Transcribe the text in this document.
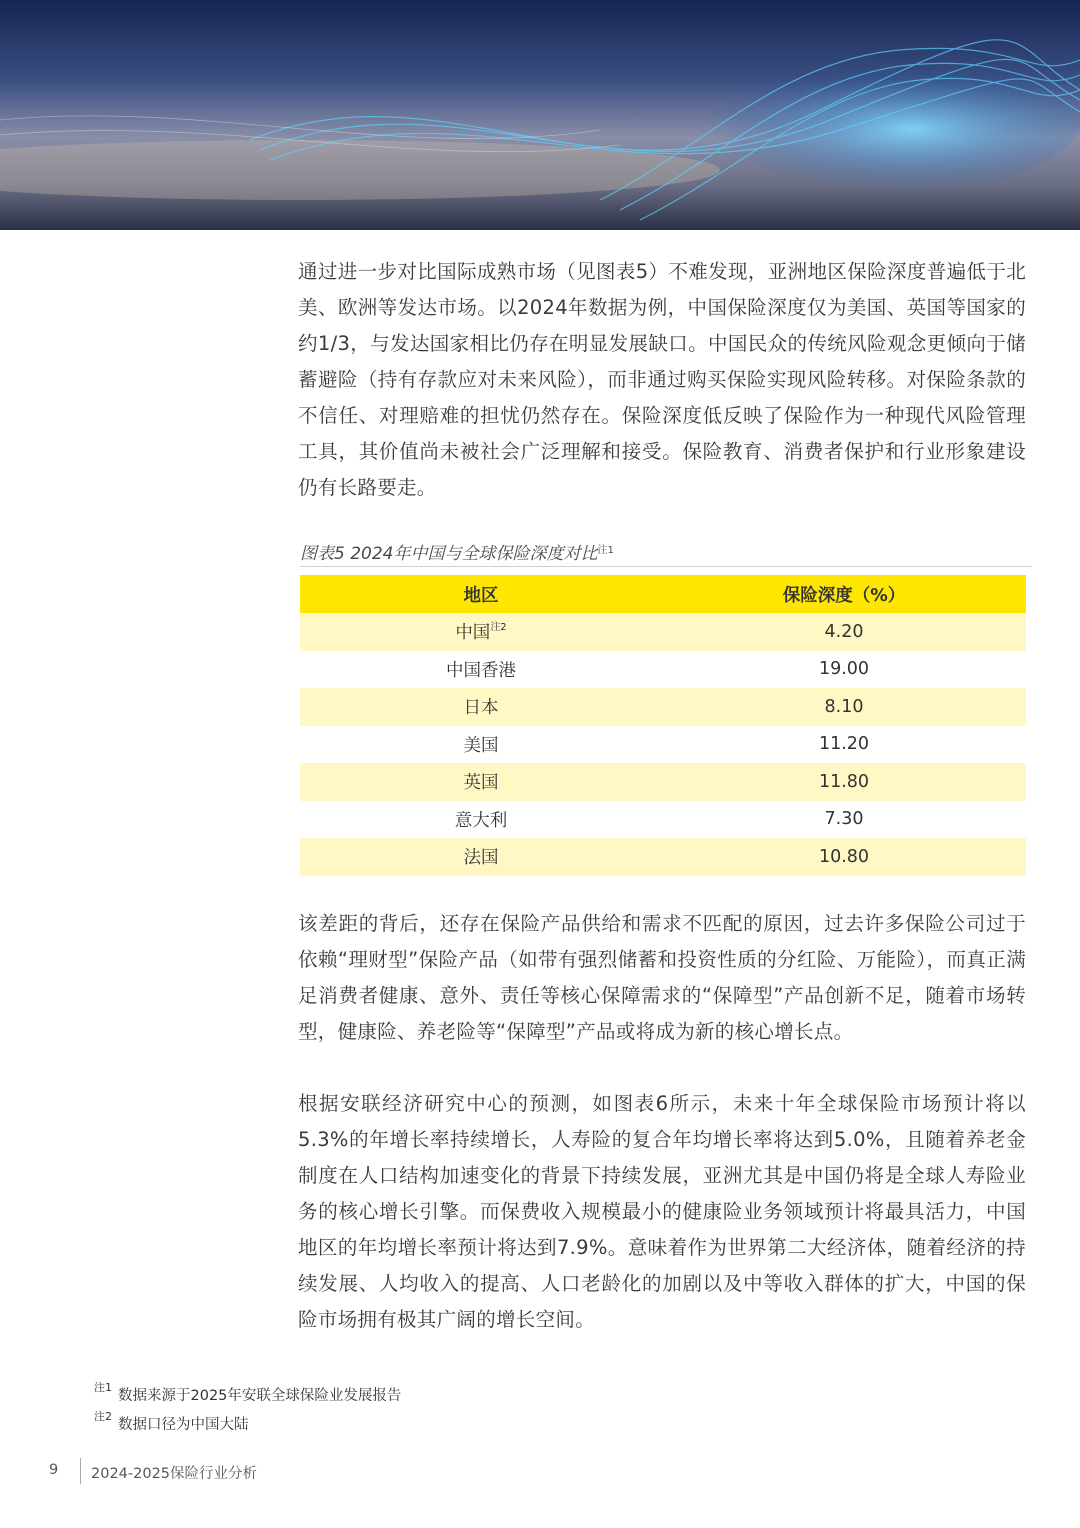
通过进一步对比国际成熟市场（见图表5）不难发现，亚洲地区保险深度普遍低于北美、欧洲等发达市场。以2024年数据为例，中国保险深度仅为美国、英国等国家的约1/3，与发达国家相比仍存在明显发展缺口。中国民众的传统风险观念更倾向于储蓄避险（持有存款应对未来风险），而非通过购买保险实现风险转移。对保险条款的不信任、对理赔难的担忧仍然存在。保险深度低反映了保险作为一种现代风险管理工具，其价值尚未被社会广泛理解和接受。保险教育、消费者保护和行业形象建设仍有长路要走。

图表5 2024年中国与全球保险深度对比$^{注1}$
地区	保险深度（%）
中国$^{注2}$	4.20
中国香港	19.00
日本	8.10
美国	11.20
英国	11.80
意大利	7.30
法国	10.80

该差距的背后，还存在保险产品供给和需求不匹配的原因，过去许多保险公司过于依赖“理财型”保险产品（如带有强烈储蓄和投资性质的分红险、万能险），而真正满足消费者健康、意外、责任等核心保障需求的“保障型”产品创新不足，随着市场转型，健康险、养老险等“保障型”产品或将成为新的核心增长点。

根据安联经济研究中心的预测，如图表6所示，未来十年全球保险市场预计将以5.3%的年增长率持续增长，人寿险的复合年均增长率将达到5.0%，且随着养老金制度在人口结构加速变化的背景下持续发展，亚洲尤其是中国仍将是全球人寿险业务的核心增长引擎。而保费收入规模最小的健康险业务领域预计将最具活力，中国地区的年均增长率预计将达到7.9%。意味着作为世界第二大经济体，随着经济的持续发展、人均收入的提高、人口老龄化的加剧以及中等收入群体的扩大，中国的保险市场拥有极其广阔的增长空间。

$^{注1}$数据来源于2025年安联全球保险业发展报告
$^{注2}$数据口径为中国大陆
9 2024-2025保险行业分析
